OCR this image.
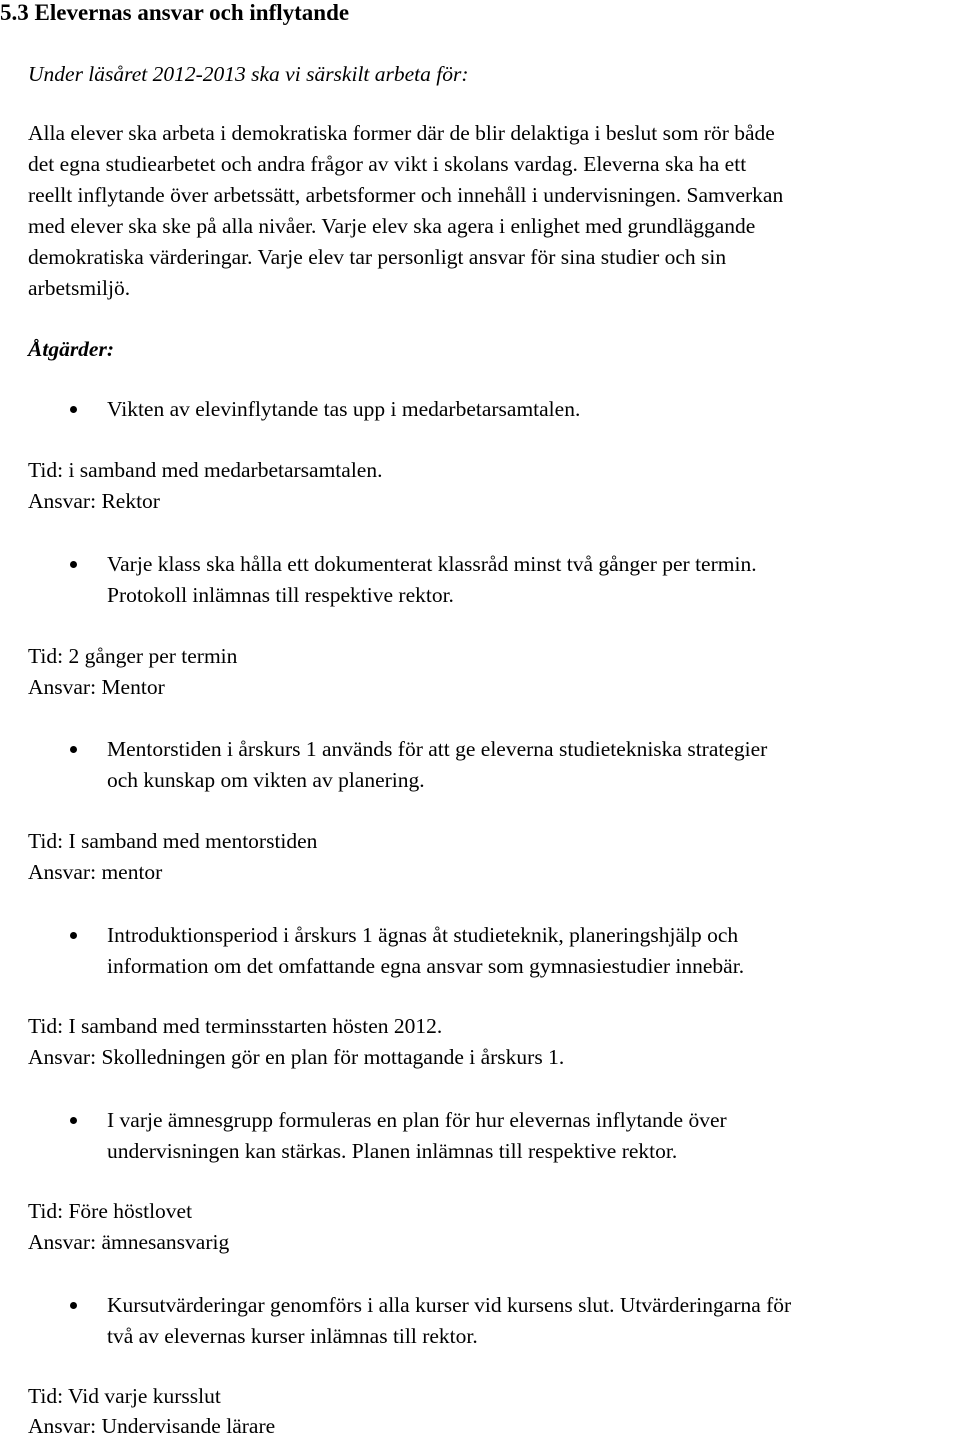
5.3 Elevernas ansvar och inflytande
Under läsåret 2012-2013 ska vi särskilt arbeta för:
Alla elever ska arbeta i demokratiska former där de blir delaktiga i beslut som rör både
det egna studiearbetet och andra frågor av vikt i skolans vardag. Eleverna ska ha ett
reellt inflytande över arbetssätt, arbetsformer och innehåll i undervisningen. Samverkan
med elever ska ske på alla nivåer. Varje elev ska agera i enlighet med grundläggande
demokratiska värderingar. Varje elev tar personligt ansvar för sina studier och sin
arbetsmiljö.
Åtgärder:
Vikten av elevinflytande tas upp i medarbetarsamtalen.
Tid: i samband med medarbetarsamtalen.
Ansvar: Rektor
Varje klass ska hålla ett dokumenterat klassråd minst två gånger per termin.
Protokoll inlämnas till respektive rektor.
Tid: 2 gånger per termin
Ansvar: Mentor
Mentorstiden i årskurs 1 används för att ge eleverna studietekniska strategier
och kunskap om vikten av planering.
Tid: I samband med mentorstiden
Ansvar: mentor
Introduktionsperiod i årskurs 1 ägnas åt studieteknik, planeringshjälp och
information om det omfattande egna ansvar som gymnasiestudier innebär.
Tid: I samband med terminsstarten hösten 2012.
Ansvar: Skolledningen gör en plan för mottagande i årskurs 1.
I varje ämnesgrupp formuleras en plan för hur elevernas inflytande över
undervisningen kan stärkas. Planen inlämnas till respektive rektor.
Tid: Före höstlovet
Ansvar: ämnesansvarig
Kursutvärderingar genomförs i alla kurser vid kursens slut. Utvärderingarna för
två av elevernas kurser inlämnas till rektor.
Tid: Vid varje kursslut
Ansvar: Undervisande lärare
